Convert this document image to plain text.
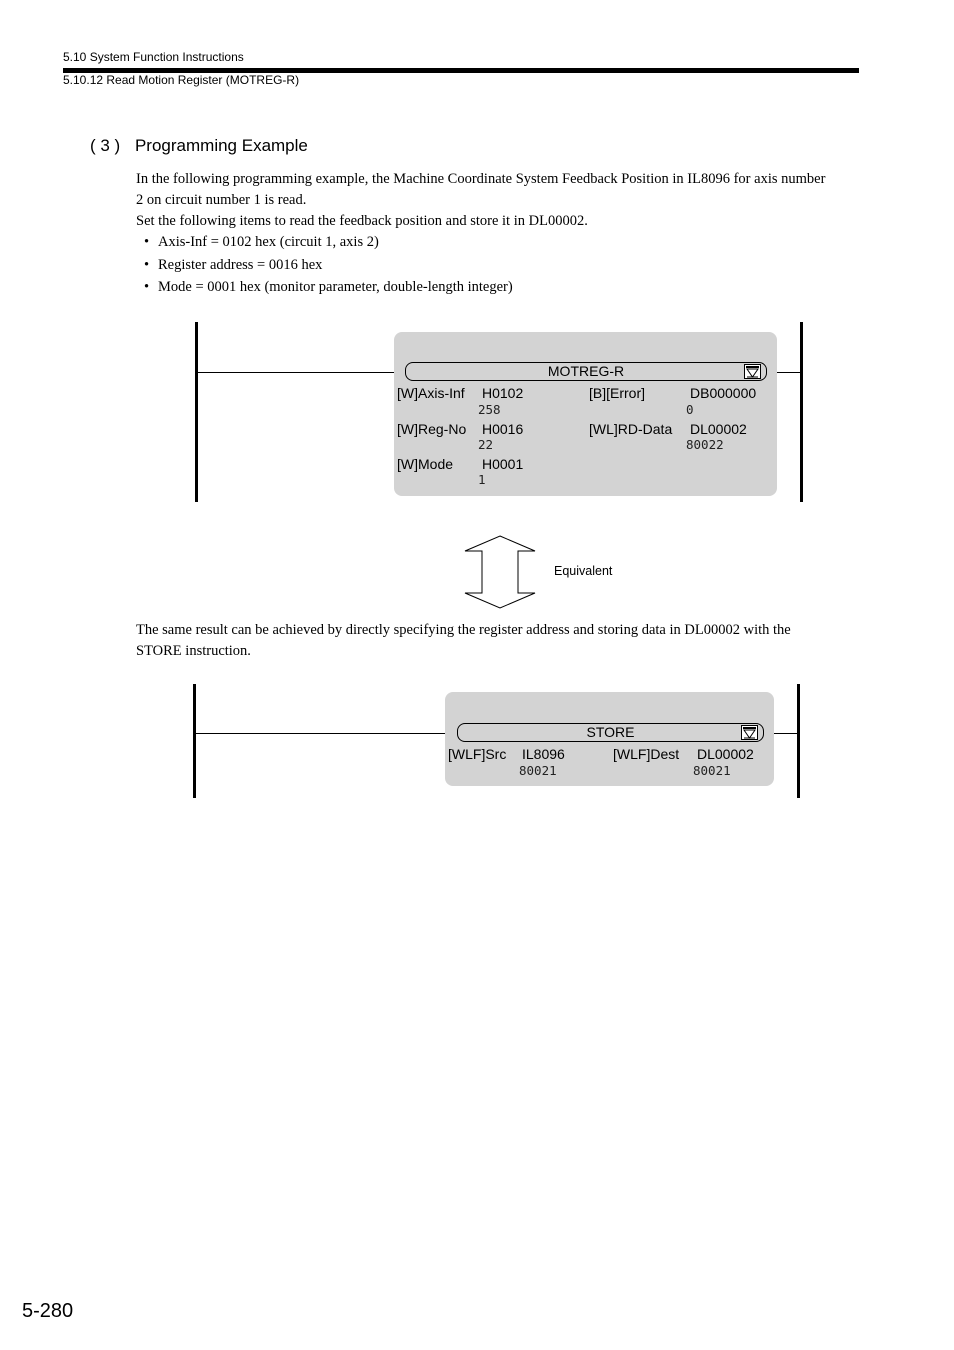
5.10 System Function Instructions
5.10.12 Read Motion Register (MOTREG-R)
( 3 ) Programming Example
In the following programming example, the Machine Coordinate System Feedback Position in IL8096 for axis number
2 on circuit number 1 is read.
Set the following items to read the feedback position and store it in DL00002.
• Axis-Inf = 0102 hex (circuit 1, axis 2)
• Register address = 0016 hex
• Mode = 0001 hex (monitor parameter, double-length integer)
MOTREG-R
[W]Axis-Inf H0102
258
[B][Error]	DB000000
0
[W]Reg-No H0016
22
[WL]RD-Data DL00002
80022
[W]Mode H0001
1
Equivalent
The same result can be achieved by directly specifying the register address and storing data in DL00002 with the
STORE instruction.
STORE
[WLF]Src IL8096
80021
[WLF]Dest DL00002
80021
5-280
